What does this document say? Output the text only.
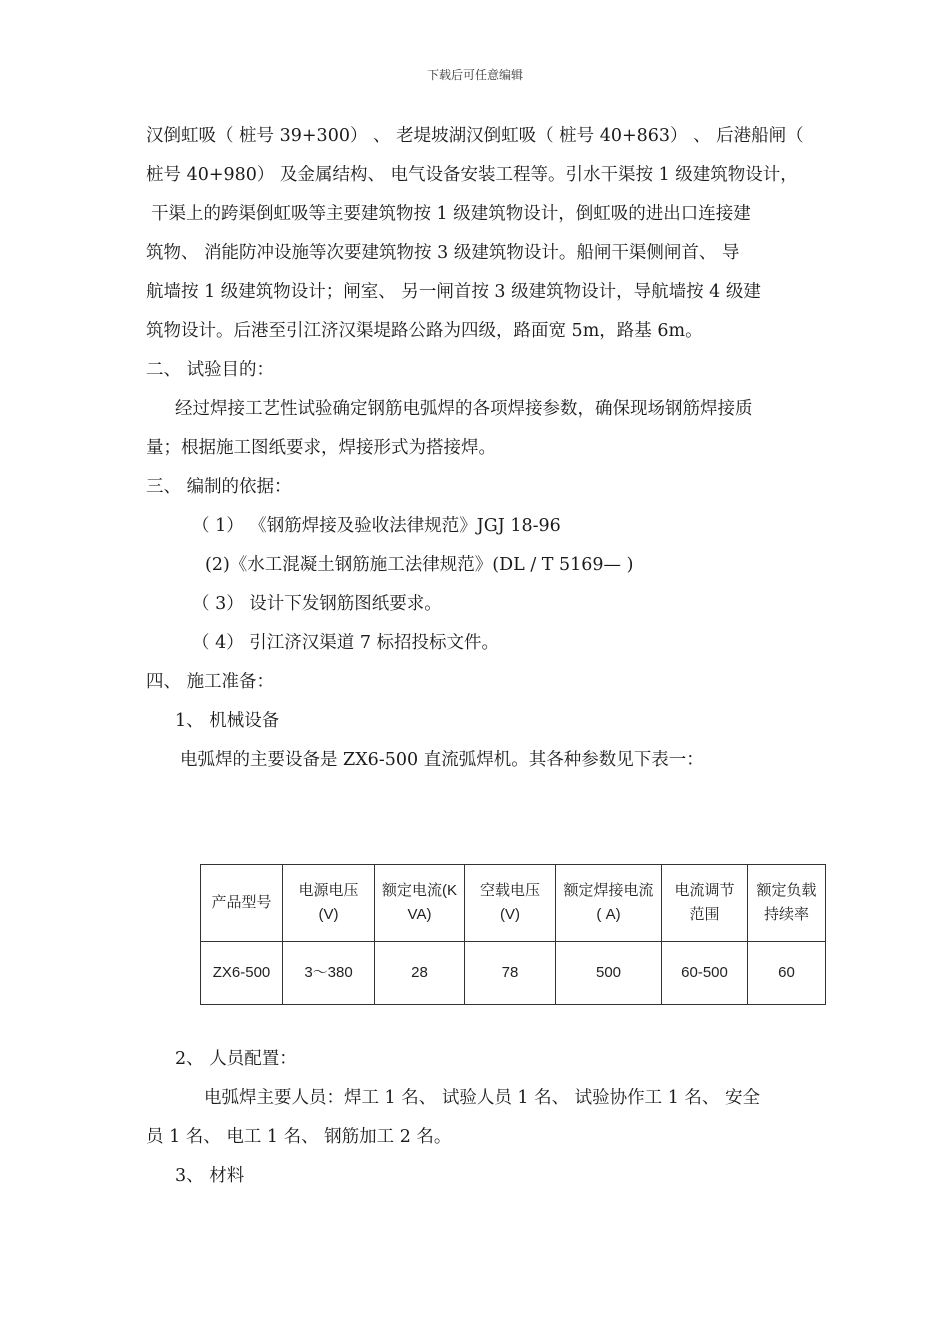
下载后可任意编辑
汉倒虹吸（ 桩号 39+300） 、 老堤坡湖汉倒虹吸（ 桩号 40+863） 、 后港船闸（
桩号 40+980） 及金属结构、 电气设备安装工程等。引水干渠按 1 级建筑物设计，
干渠上的跨渠倒虹吸等主要建筑物按 1 级建筑物设计，倒虹吸的进出口连接建
筑物、 消能防冲设施等次要建筑物按 3 级建筑物设计。船闸干渠侧闸首、 导
航墙按 1 级建筑物设计；闸室、 另一闸首按 3 级建筑物设计，导航墙按 4 级建
筑物设计。后港至引江济汉渠堤路公路为四级，路面宽 5m，路基 6m。
二、 试验目的：
经过焊接工艺性试验确定钢筋电弧焊的各项焊接参数，确保现场钢筋焊接质
量；根据施工图纸要求，焊接形式为搭接焊。
三、 编制的依据：
（ 1） 《钢筋焊接及验收法律规范》JGJ 18-96
(2)《水工混凝土钢筋施工法律规范》(DL / T 5169— )
（ 3） 设计下发钢筋图纸要求。
（ 4） 引江济汉渠道 7 标招投标文件。
四、 施工准备：
1、 机械设备
电弧焊的主要设备是 ZX6-500 直流弧焊机。其各种参数见下表一：
产品型号	电源电压(V)	额定电流(KVA)	空载电压(V)	额定焊接电流( A)	电流调节范围	额定负载持续率
ZX6-500	3～380	28	78	500	60-500	60
2、 人员配置：
电弧焊主要人员：焊工 1 名、 试验人员 1 名、 试验协作工 1 名、 安全
员 1 名、 电工 1 名、 钢筋加工 2 名。
3、 材料
